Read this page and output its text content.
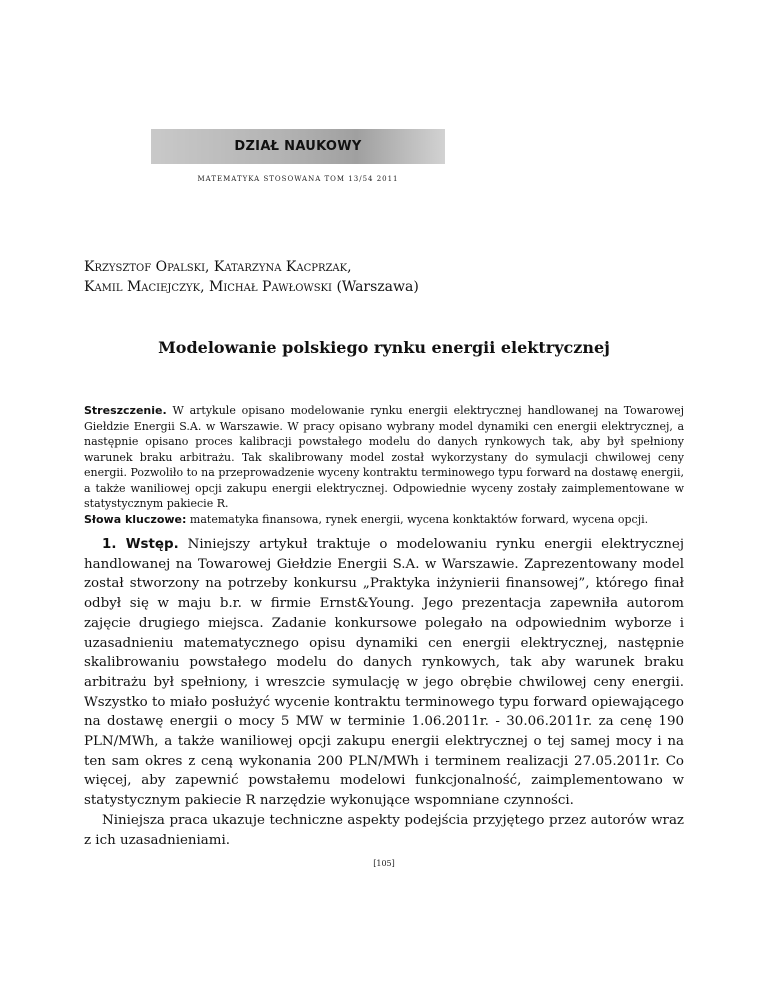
DZIAŁ NAUKOWY
MATEMATYKA STOSOWANA TOM 13/54 2011
Krzysztof Opalski, Katarzyna Kacprzak,
Kamil Maciejczyk, Michał Pawłowski (Warszawa)
Modelowanie polskiego rynku energii elektrycznej
Streszczenie. W artykule opisano modelowanie rynku energii elektrycznej handlowanej na Towarowej Giełdzie Energii S.A. w Warszawie. W pracy opisano wybrany model dynamiki cen energii elektrycznej, a następnie opisano proces kalibracji powstałego modelu do danych rynkowych tak, aby był spełniony warunek braku arbitrażu. Tak skalibrowany model został wykorzystany do symulacji chwilowej ceny energii. Pozwoliło to na przeprowadzenie wyceny kontraktu terminowego typu forward na dostawę energii, a także waniliowej opcji zakupu energii elektrycznej. Odpowiednie wyceny zostały zaimplementowane w statystycznym pakiecie R.
Słowa kluczowe: matematyka finansowa, rynek energii, wycena konktaktów forward, wycena opcji.

1. Wstęp. Niniejszy artykuł traktuje o modelowaniu rynku energii elektrycznej handlowanej na Towarowej Giełdzie Energii S.A. w Warszawie. Zaprezentowany model został stworzony na potrzeby konkursu „Praktyka inżynierii finansowej”, którego finał odbył się w maju b.r. w firmie Ernst&Young. Jego prezentacja zapewniła autorom zajęcie drugiego miejsca. Zadanie konkursowe polegało na odpowiednim wyborze i uzasadnieniu matematycznego opisu dynamiki cen energii elektrycznej, następnie skalibrowaniu powstałego modelu do danych rynkowych, tak aby warunek braku arbitrażu był spełniony, i wreszcie symulację w jego obrębie chwilowej ceny energii. Wszystko to miało posłużyć wycenie kontraktu terminowego typu forward opiewającego na dostawę energii o mocy 5 MW w terminie 1.06.2011r. - 30.06.2011r. za cenę 190 PLN/MWh, a także waniliowej opcji zakupu energii elektrycznej o tej samej mocy i na ten sam okres z ceną wykonania 200 PLN/MWh i terminem realizacji 27.05.2011r. Co więcej, aby zapewnić powstałemu modelowi funkcjonalność, zaimplementowano w statystycznym pakiecie R narzędzie wykonujące wspomniane czynności.

Niniejsza praca ukazuje techniczne aspekty podejścia przyjętego przez autorów wraz z ich uzasadnieniami.

[105]
